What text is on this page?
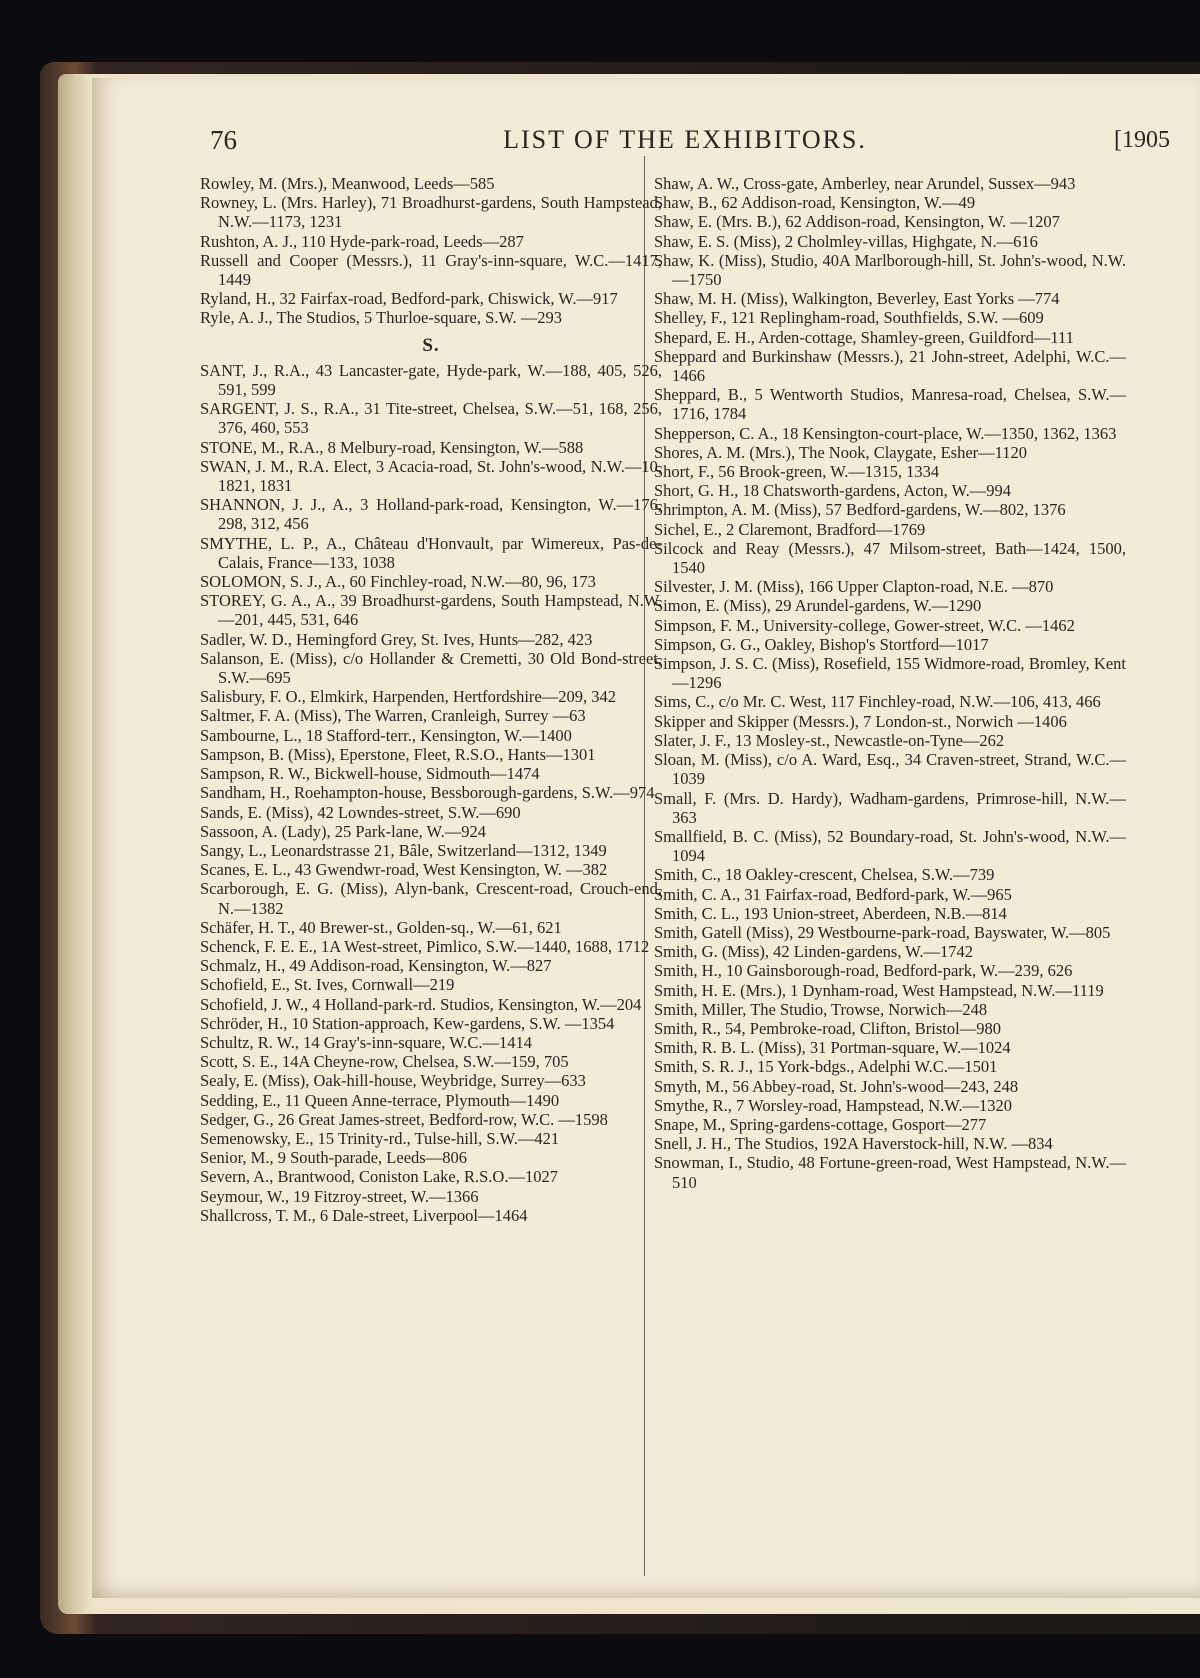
76	LIST OF THE EXHIBITORS.	[1905

Rowley, M. (Mrs.), Meanwood, Leeds—585

Rowney, L. (Mrs. Harley), 71 Broadhurst-gardens, South Hampstead, N.W.—1173, 1231

Rushton, A. J., 110 Hyde-park-road, Leeds—287

Russell and Cooper (Messrs.), 11 Gray's-inn-square, W.C.—1417, 1449

Ryland, H., 32 Fairfax-road, Bedford-park, Chiswick, W.—917

Ryle, A. J., The Studios, 5 Thurloe-square, S.W. —293

S.

SANT, J., R.A., 43 Lancaster-gate, Hyde-park, W.—188, 405, 526, 591, 599

SARGENT, J. S., R.A., 31 Tite-street, Chelsea, S.W.—51, 168, 256, 376, 460, 553

STONE, M., R.A., 8 Melbury-road, Kensington, W.—588

SWAN, J. M., R.A. Elect, 3 Acacia-road, St. John's-wood, N.W.—10, 1821, 1831

SHANNON, J. J., A., 3 Holland-park-road, Kensington, W.—176, 298, 312, 456

SMYTHE, L. P., A., Château d'Honvault, par Wimereux, Pas-de-Calais, France—133, 1038

SOLOMON, S. J., A., 60 Finchley-road, N.W.—80, 96, 173

STOREY, G. A., A., 39 Broadhurst-gardens, South Hampstead, N.W.—201, 445, 531, 646

Sadler, W. D., Hemingford Grey, St. Ives, Hunts—282, 423

Salanson, E. (Miss), c/o Hollander & Cremetti, 30 Old Bond-street, S.W.—695

Salisbury, F. O., Elmkirk, Harpenden, Hertfordshire—209, 342

Saltmer, F. A. (Miss), The Warren, Cranleigh, Surrey —63

Sambourne, L., 18 Stafford-terr., Kensington, W.—1400

Sampson, B. (Miss), Eperstone, Fleet, R.S.O., Hants—1301

Sampson, R. W., Bickwell-house, Sidmouth—1474

Sandham, H., Roehampton-house, Bessborough-gardens, S.W.—974

Sands, E. (Miss), 42 Lowndes-street, S.W.—690

Sassoon, A. (Lady), 25 Park-lane, W.—924

Sangy, L., Leonardstrasse 21, Bâle, Switzerland—1312, 1349

Scanes, E. L., 43 Gwendwr-road, West Kensington, W. —382

Scarborough, E. G. (Miss), Alyn-bank, Crescent-road, Crouch-end, N.—1382

Schäfer, H. T., 40 Brewer-st., Golden-sq., W.—61, 621

Schenck, F. E. E., 1A West-street, Pimlico, S.W.—1440, 1688, 1712

Schmalz, H., 49 Addison-road, Kensington, W.—827

Schofield, E., St. Ives, Cornwall—219

Schofield, J. W., 4 Holland-park-rd. Studios, Kensington, W.—204

Schröder, H., 10 Station-approach, Kew-gardens, S.W. —1354

Schultz, R. W., 14 Gray's-inn-square, W.C.—1414

Scott, S. E., 14A Cheyne-row, Chelsea, S.W.—159, 705

Sealy, E. (Miss), Oak-hill-house, Weybridge, Surrey—633

Sedding, E., 11 Queen Anne-terrace, Plymouth—1490

Sedger, G., 26 Great James-street, Bedford-row, W.C. —1598

Semenowsky, E., 15 Trinity-rd., Tulse-hill, S.W.—421

Senior, M., 9 South-parade, Leeds—806

Severn, A., Brantwood, Coniston Lake, R.S.O.—1027

Seymour, W., 19 Fitzroy-street, W.—1366

Shallcross, T. M., 6 Dale-street, Liverpool—1464

Shaw, A. W., Cross-gate, Amberley, near Arundel, Sussex—943

Shaw, B., 62 Addison-road, Kensington, W.—49

Shaw, E. (Mrs. B.), 62 Addison-road, Kensington, W. —1207

Shaw, E. S. (Miss), 2 Cholmley-villas, Highgate, N.—616

Shaw, K. (Miss), Studio, 40A Marlborough-hill, St. John's-wood, N.W.—1750

Shaw, M. H. (Miss), Walkington, Beverley, East Yorks —774

Shelley, F., 121 Replingham-road, Southfields, S.W. —609

Shepard, E. H., Arden-cottage, Shamley-green, Guildford—111

Sheppard and Burkinshaw (Messrs.), 21 John-street, Adelphi, W.C.—1466

Sheppard, B., 5 Wentworth Studios, Manresa-road, Chelsea, S.W.—1716, 1784

Shepperson, C. A., 18 Kensington-court-place, W.—1350, 1362, 1363

Shores, A. M. (Mrs.), The Nook, Claygate, Esher—1120

Short, F., 56 Brook-green, W.—1315, 1334

Short, G. H., 18 Chatsworth-gardens, Acton, W.—994

Shrimpton, A. M. (Miss), 57 Bedford-gardens, W.—802, 1376

Sichel, E., 2 Claremont, Bradford—1769

Silcock and Reay (Messrs.), 47 Milsom-street, Bath—1424, 1500, 1540

Silvester, J. M. (Miss), 166 Upper Clapton-road, N.E. —870

Simon, E. (Miss), 29 Arundel-gardens, W.—1290

Simpson, F. M., University-college, Gower-street, W.C. —1462

Simpson, G. G., Oakley, Bishop's Stortford—1017

Simpson, J. S. C. (Miss), Rosefield, 155 Widmore-road, Bromley, Kent—1296

Sims, C., c/o Mr. C. West, 117 Finchley-road, N.W.—106, 413, 466

Skipper and Skipper (Messrs.), 7 London-st., Norwich —1406

Slater, J. F., 13 Mosley-st., Newcastle-on-Tyne—262

Sloan, M. (Miss), c/o A. Ward, Esq., 34 Craven-street, Strand, W.C.—1039

Small, F. (Mrs. D. Hardy), Wadham-gardens, Primrose-hill, N.W.—363

Smallfield, B. C. (Miss), 52 Boundary-road, St. John's-wood, N.W.—1094

Smith, C., 18 Oakley-crescent, Chelsea, S.W.—739

Smith, C. A., 31 Fairfax-road, Bedford-park, W.—965

Smith, C. L., 193 Union-street, Aberdeen, N.B.—814

Smith, Gatell (Miss), 29 Westbourne-park-road, Bayswater, W.—805

Smith, G. (Miss), 42 Linden-gardens, W.—1742

Smith, H., 10 Gainsborough-road, Bedford-park, W.—239, 626

Smith, H. E. (Mrs.), 1 Dynham-road, West Hampstead, N.W.—1119

Smith, Miller, The Studio, Trowse, Norwich—248

Smith, R., 54, Pembroke-road, Clifton, Bristol—980

Smith, R. B. L. (Miss), 31 Portman-square, W.—1024

Smith, S. R. J., 15 York-bdgs., Adelphi W.C.—1501

Smyth, M., 56 Abbey-road, St. John's-wood—243, 248

Smythe, R., 7 Worsley-road, Hampstead, N.W.—1320

Snape, M., Spring-gardens-cottage, Gosport—277

Snell, J. H., The Studios, 192A Haverstock-hill, N.W. —834

Snowman, I., Studio, 48 Fortune-green-road, West Hampstead, N.W.—510
